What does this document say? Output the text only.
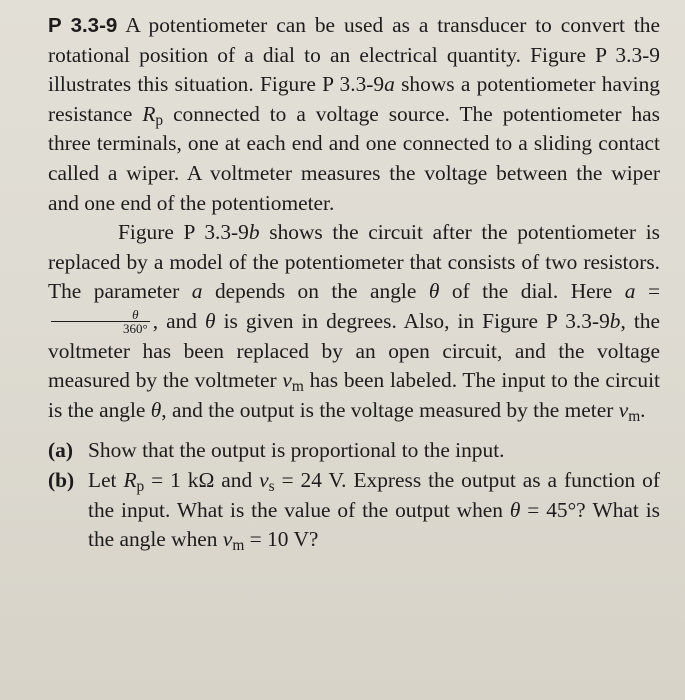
P 3.3-9 A potentiometer can be used as a transducer to convert the rotational position of a dial to an electrical quantity. Figure P 3.3-9 illustrates this situation. Figure P 3.3-9a shows a potentiometer having resistance $R_p$ connected to a voltage source. The potentiometer has three terminals, one at each end and one connected to a sliding contact called a wiper. A voltmeter measures the voltage between the wiper and one end of the potentiometer.

Figure P 3.3-9b shows the circuit after the potentiometer is replaced by a model of the potentiometer that consists of two resistors. The parameter a depends on the angle θ of the dial. Here a =
$\frac{\theta}{360^\circ}$ , and θ is given in degrees. Also, in Figure P 3.3-9b, the voltmeter has been replaced by an open circuit, and the voltage measured by the voltmeter $v_m$ has been labeled. The input to the circuit is the angle θ, and the output is the voltage measured by the meter $v_m$.

(a) Show that the output is proportional to the input.
(b) Let $R_p = 1$ kΩ and $v_s = 24$ V. Express the output as a function of the input. What is the value of the output when θ = 45°? What is the angle when $v_m = 10$ V?
